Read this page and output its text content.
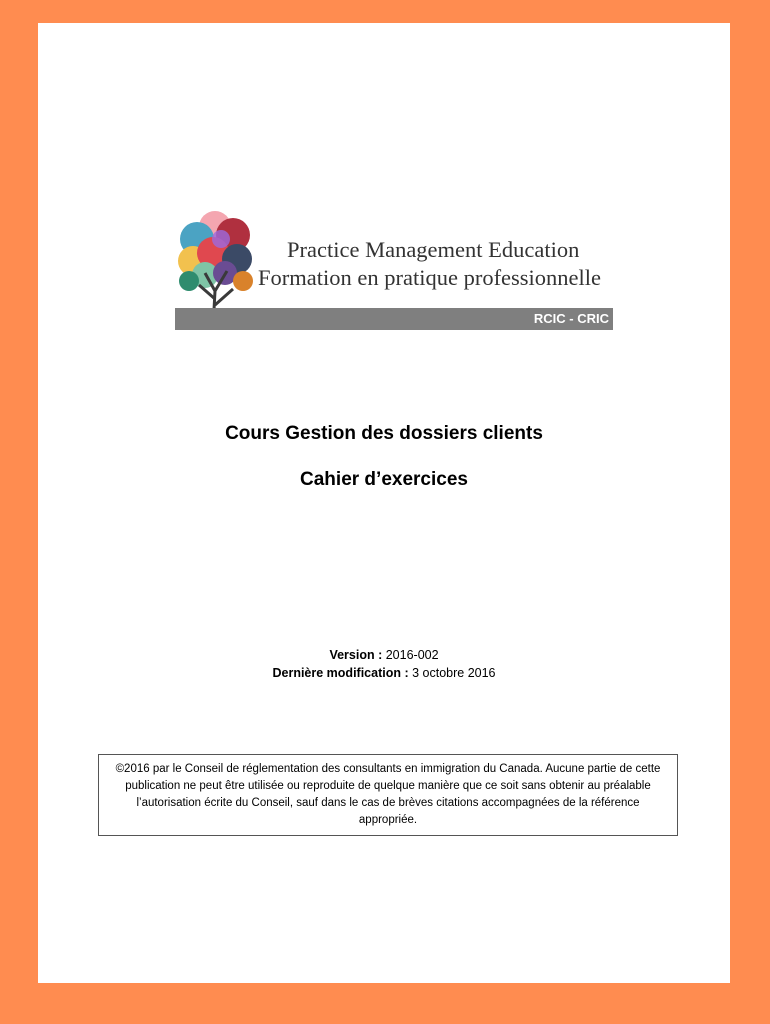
Practice Management Education
Formation en pratique professionnelle
RCIC - CRIC
Cours Gestion des dossiers clients
Cahier d’exercices
Version : 2016-002
Dernière modification : 3 octobre 2016
©2016 par le Conseil de réglementation des consultants en immigration du Canada. Aucune partie de cette publication ne peut être utilisée ou reproduite de quelque manière que ce soit sans obtenir au préalable l’autorisation écrite du Conseil, sauf dans le cas de brèves citations accompagnées de la référence appropriée.
